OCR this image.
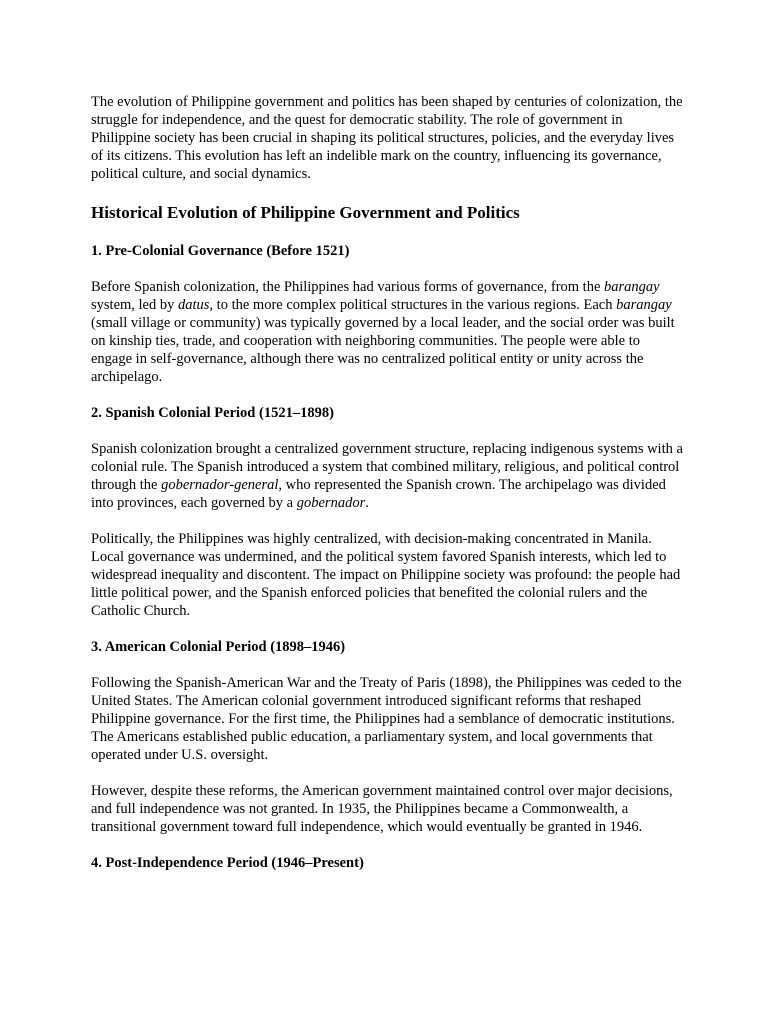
The evolution of Philippine government and politics has been shaped by centuries of colonization, the struggle for independence, and the quest for democratic stability. The role of government in Philippine society has been crucial in shaping its political structures, policies, and the everyday lives of its citizens. This evolution has left an indelible mark on the country, influencing its governance, political culture, and social dynamics.

Historical Evolution of Philippine Government and Politics
1. Pre-Colonial Governance (Before 1521)

Before Spanish colonization, the Philippines had various forms of governance, from the barangay system, led by datus, to the more complex political structures in the various regions. Each barangay (small village or community) was typically governed by a local leader, and the social order was built on kinship ties, trade, and cooperation with neighboring communities. The people were able to engage in self-governance, although there was no centralized political entity or unity across the archipelago.

2. Spanish Colonial Period (1521–1898)

Spanish colonization brought a centralized government structure, replacing indigenous systems with a colonial rule. The Spanish introduced a system that combined military, religious, and political control through the gobernador-general, who represented the Spanish crown. The archipelago was divided into provinces, each governed by a gobernador.

Politically, the Philippines was highly centralized, with decision-making concentrated in Manila. Local governance was undermined, and the political system favored Spanish interests, which led to widespread inequality and discontent. The impact on Philippine society was profound: the people had little political power, and the Spanish enforced policies that benefited the colonial rulers and the Catholic Church.

3. American Colonial Period (1898–1946)

Following the Spanish-American War and the Treaty of Paris (1898), the Philippines was ceded to the United States. The American colonial government introduced significant reforms that reshaped Philippine governance. For the first time, the Philippines had a semblance of democratic institutions. The Americans established public education, a parliamentary system, and local governments that operated under U.S. oversight.

However, despite these reforms, the American government maintained control over major decisions, and full independence was not granted. In 1935, the Philippines became a Commonwealth, a transitional government toward full independence, which would eventually be granted in 1946.

4. Post-Independence Period (1946–Present)
